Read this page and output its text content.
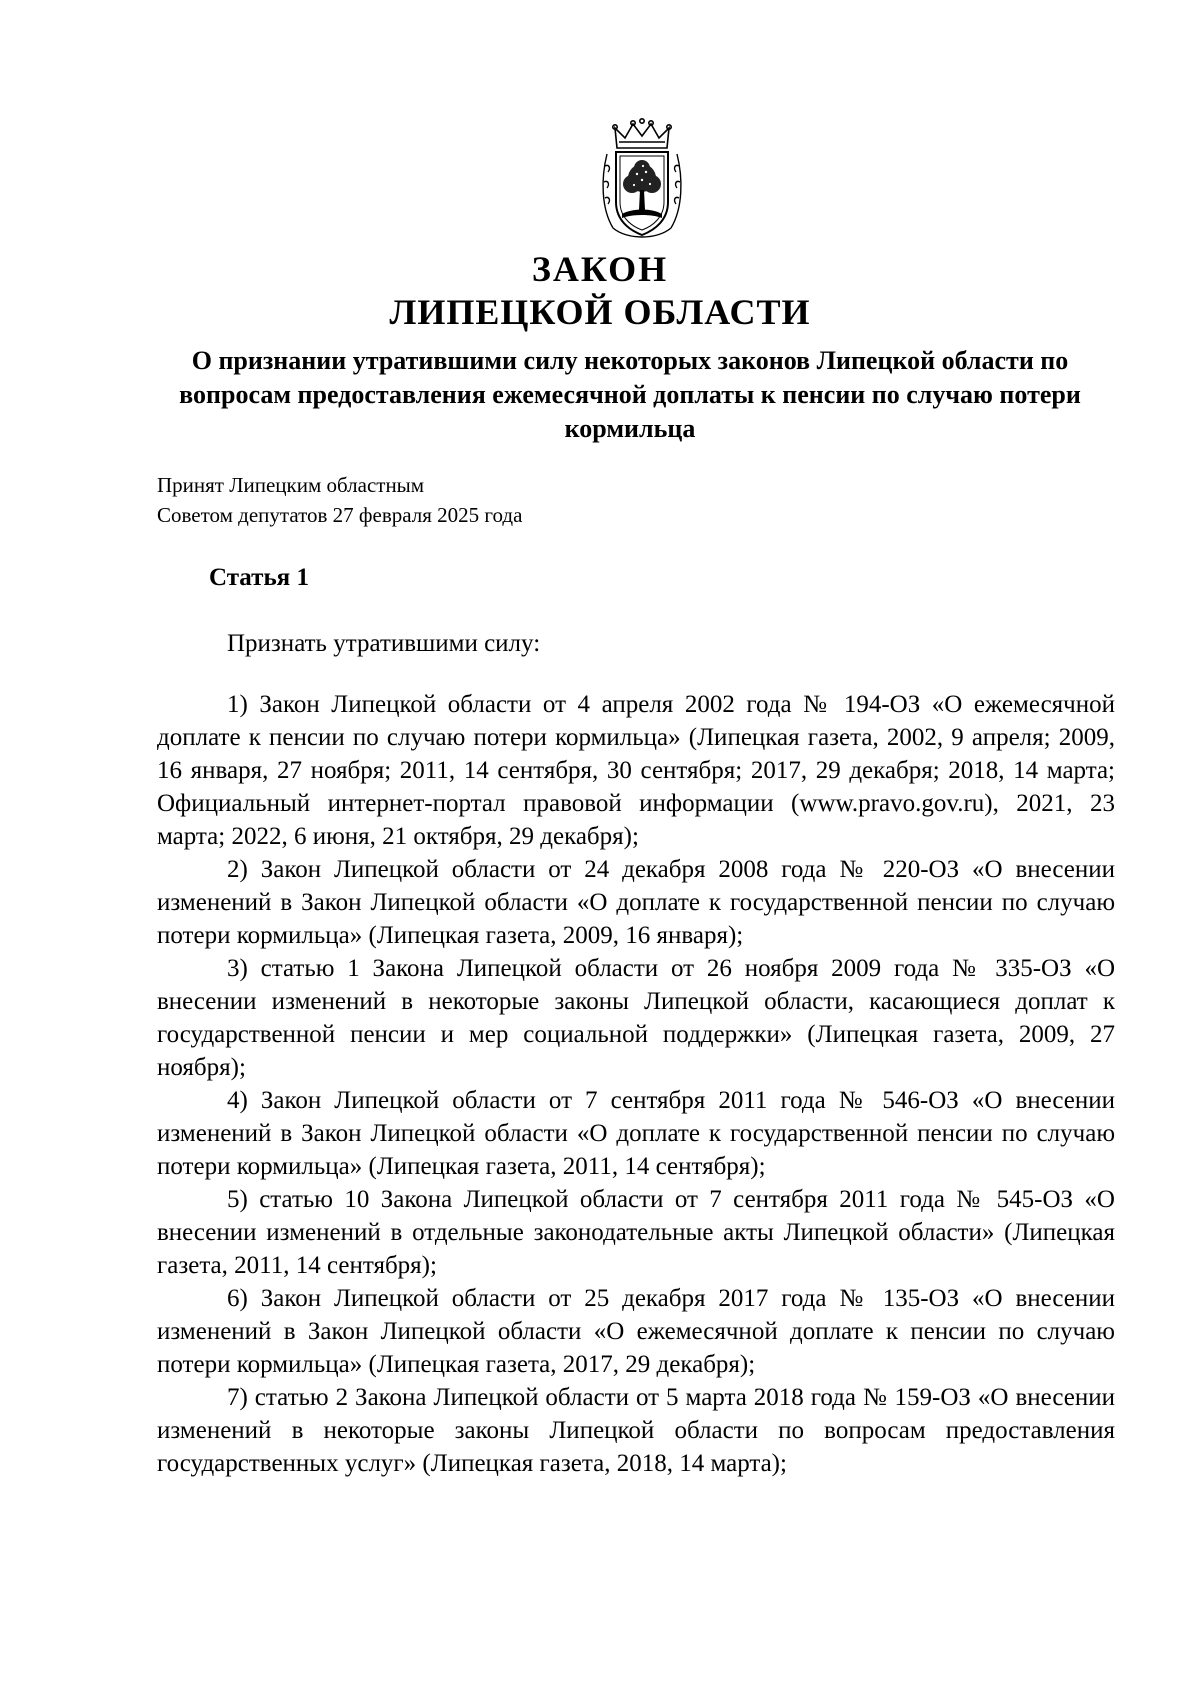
ЗАКОН
ЛИПЕЦКОЙ ОБЛАСТИ
О признании утратившими силу некоторых законов Липецкой области по вопросам предоставления ежемесячной доплаты к пенсии по случаю потери кормильца
Принят Липецким областным
Советом депутатов 27 февраля 2025 года
Статья 1
Признать утратившими силу:

1) Закон Липецкой области от 4 апреля 2002 года № 194-ОЗ «О ежемесячной доплате к пенсии по случаю потери кормильца» (Липецкая газета, 2002, 9 апреля; 2009, 16 января, 27 ноября; 2011, 14 сентября, 30 сентября; 2017, 29 декабря; 2018, 14 марта; Официальный интернет-портал правовой информации (www.pravo.gov.ru), 2021, 23 марта; 2022, 6 июня, 21 октября, 29 декабря);

2) Закон Липецкой области от 24 декабря 2008 года № 220-ОЗ «О внесении изменений в Закон Липецкой области «О доплате к государственной пенсии по случаю потери кормильца» (Липецкая газета, 2009, 16 января);

3) статью 1 Закона Липецкой области от 26 ноября 2009 года № 335-ОЗ «О внесении изменений в некоторые законы Липецкой области, касающиеся доплат к государственной пенсии и мер социальной поддержки» (Липецкая газета, 2009, 27 ноября);

4) Закон Липецкой области от 7 сентября 2011 года № 546-ОЗ «О внесении изменений в Закон Липецкой области «О доплате к государственной пенсии по случаю потери кормильца» (Липецкая газета, 2011, 14 сентября);

5) статью 10 Закона Липецкой области от 7 сентября 2011 года № 545-ОЗ «О внесении изменений в отдельные законодательные акты Липецкой области» (Липецкая газета, 2011, 14 сентября);

6) Закон Липецкой области от 25 декабря 2017 года № 135-ОЗ «О внесении изменений в Закон Липецкой области «О ежемесячной доплате к пенсии по случаю потери кормильца» (Липецкая газета, 2017, 29 декабря);

7) статью 2 Закона Липецкой области от 5 марта 2018 года № 159-ОЗ «О внесении изменений в некоторые законы Липецкой области по вопросам предоставления государственных услуг» (Липецкая газета, 2018, 14 марта);
